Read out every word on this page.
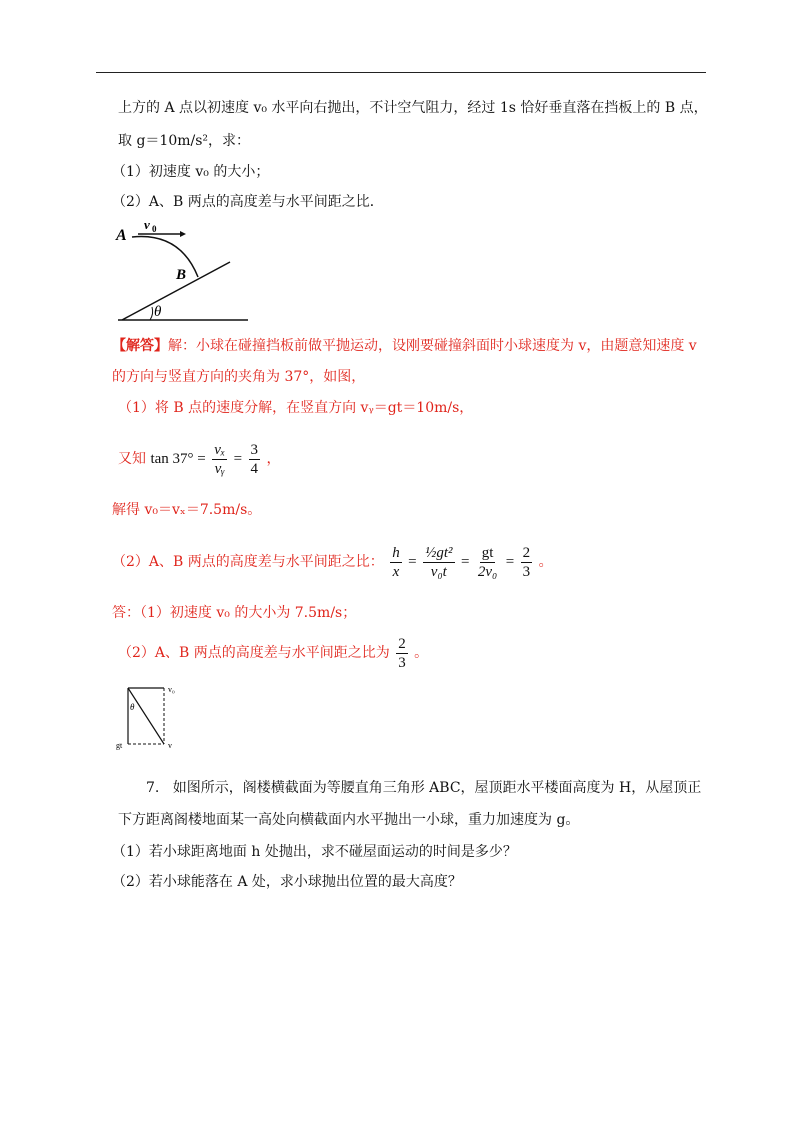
上方的 A 点以初速度 v₀ 水平向右抛出，不计空气阻力，经过 1s 恰好垂直落在挡板上的 B 点，
取 g＝10m/s²，求：
（1）初速度 v₀ 的大小；
（2）A、B 两点的高度差与水平间距之比．
A
v 0
B
θ
【解答】解：小球在碰撞挡板前做平抛运动，设刚要碰撞斜面时小球速度为 v，由题意知速度 v
的方向与竖直方向的夹角为 37°，如图，
（1）将 B 点的速度分解，在竖直方向 vᵧ＝gt＝10m/s，
又知 $\tan 37^\circ = \frac{\text{vₓ}}{\text{vᵧ}} = \frac{3}{4}$ ，
解得 v₀＝vₓ＝7.5m/s。
（2）A、B 两点的高度差与水平间距之比： $\frac{h}{x} = \frac{\text{½gt²}}{\text{v₀t}} = \frac{gt}{\text{2v₀}} = \frac{2}{3}$ 。
答：（1）初速度 v₀ 的大小为 7.5m/s；
（2）A、B 两点的高度差与水平间距之比为 $\frac{2}{3}$ 。
v₀
θ
gt	v
7. 如图所示，阁楼横截面为等腰直角三角形 ABC，屋顶距水平楼面高度为 H，从屋顶正
下方距离阁楼地面某一高处向横截面内水平抛出一小球，重力加速度为 g。
（1）若小球距离地面 h 处抛出，求不碰屋面运动的时间是多少？
（2）若小球能落在 A 处，求小球抛出位置的最大高度？
